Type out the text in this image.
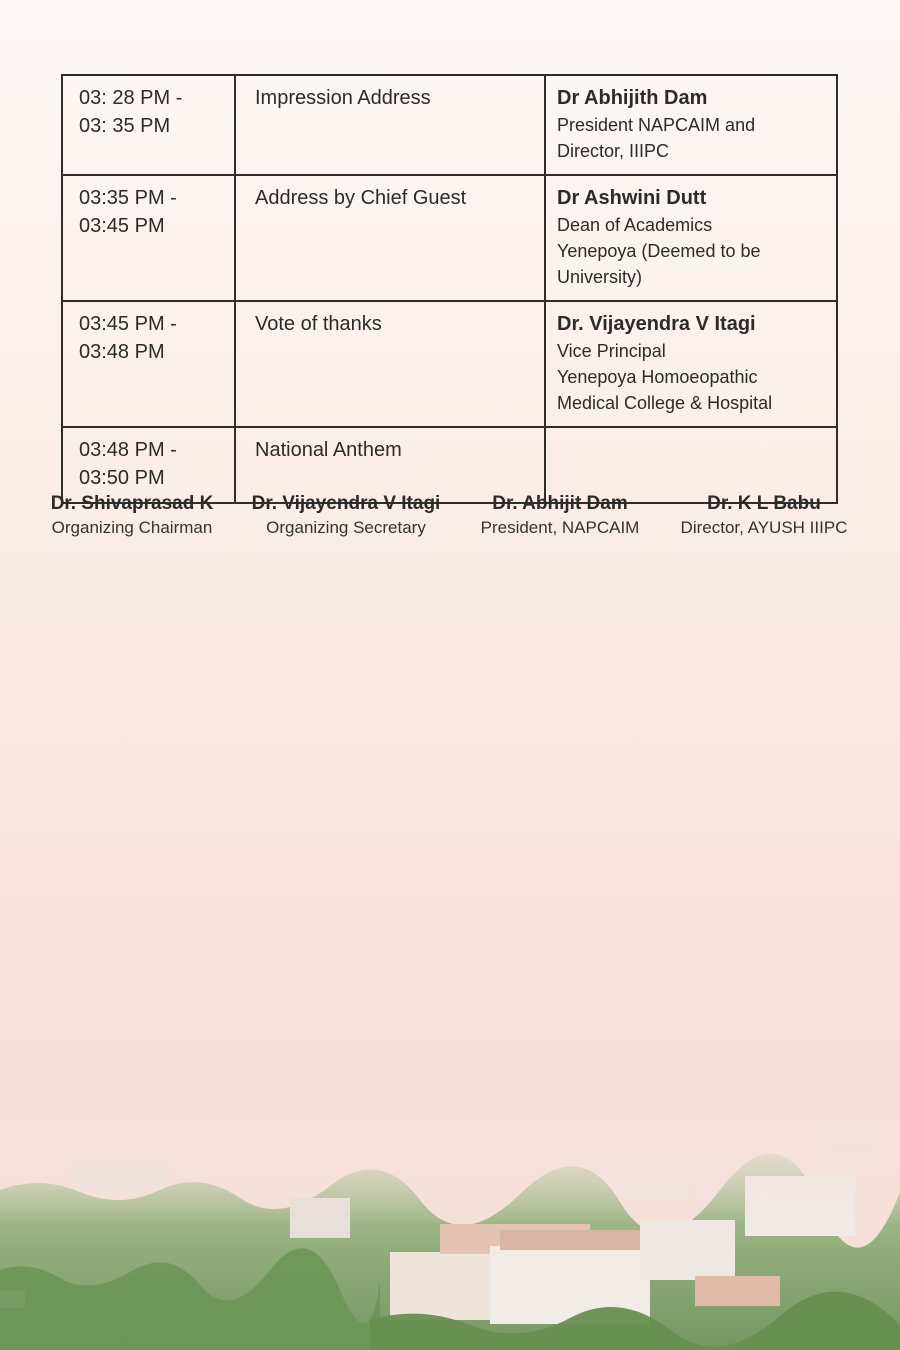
03: 28 PM -
03: 35 PM	Impression Address	Dr Abhijith Dam
President NAPCAIM and
Director, IIIPC

03:35 PM -
03:45 PM	Address by Chief Guest	Dr Ashwini Dutt
Dean of Academics
Yenepoya (Deemed to be University)

03:45 PM -
03:48 PM	Vote of thanks	Dr. Vijayendra V Itagi
Vice Principal
Yenepoya Homoeopathic
Medical College & Hospital

03:48 PM -
03:50 PM	National Anthem	
Dr. Shivaprasad K
Organizing Chairman
Dr. Vijayendra V Itagi
Organizing Secretary
Dr. Abhijit Dam
President, NAPCAIM
Dr. K L Babu
Director, AYUSH IIIPC
